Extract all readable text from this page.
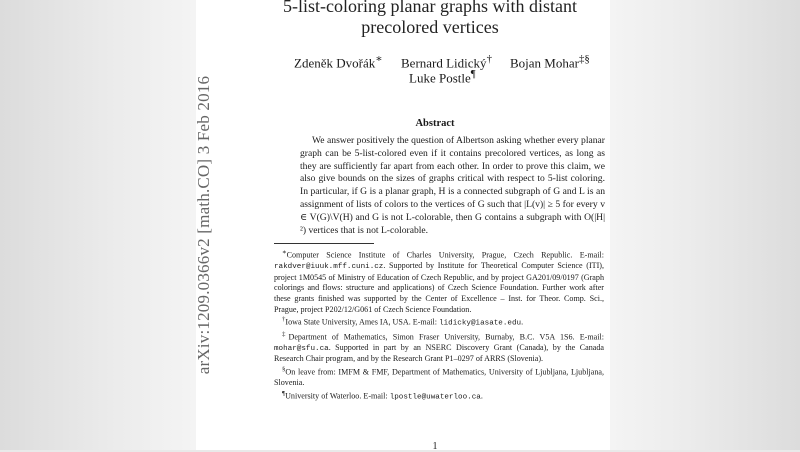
arXiv:1209.0366v2 [math.CO] 3 Feb 2016
5-list-coloring planar graphs with distant
precolored vertices
Zdeněk Dvořák∗ Bernard Lidický† Bojan Mohar‡§
Luke Postle¶
Abstract

We answer positively the question of Albertson asking whether every planar graph can be 5-list-colored even if it contains precolored vertices, as long as they are sufficiently far apart from each other. In order to prove this claim, we also give bounds on the sizes of graphs critical with respect to 5-list coloring. In particular, if G is a planar graph, H is a connected subgraph of G and L is an assignment of lists of colors to the vertices of G such that |L(v)| ≥ 5 for every v ∈ V(G)\V(H) and G is not L-colorable, then G contains a subgraph with O(|H|²) vertices that is not L-colorable.

∗Computer Science Institute of Charles University, Prague, Czech Republic. E-mail: rakdver@iuuk.mff.cuni.cz. Supported by Institute for Theoretical Computer Science (ITI), project 1M0545 of Ministry of Education of Czech Republic, and by project GA201/09/0197 (Graph colorings and flows: structure and applications) of Czech Science Foundation. Further work after these grants finished was supported by the Center of Excellence – Inst. for Theor. Comp. Sci., Prague, project P202/12/G061 of Czech Science Foundation.

†Iowa State University, Ames IA, USA. E-mail: lidicky@iasate.edu.

‡Department of Mathematics, Simon Fraser University, Burnaby, B.C. V5A 1S6. E-mail: mohar@sfu.ca. Supported in part by an NSERC Discovery Grant (Canada), by the Canada Research Chair program, and by the Research Grant P1–0297 of ARRS (Slovenia).

§On leave from: IMFM & FMF, Department of Mathematics, University of Ljubljana, Ljubljana, Slovenia.

¶University of Waterloo. E-mail: lpostle@uwaterloo.ca.

1
